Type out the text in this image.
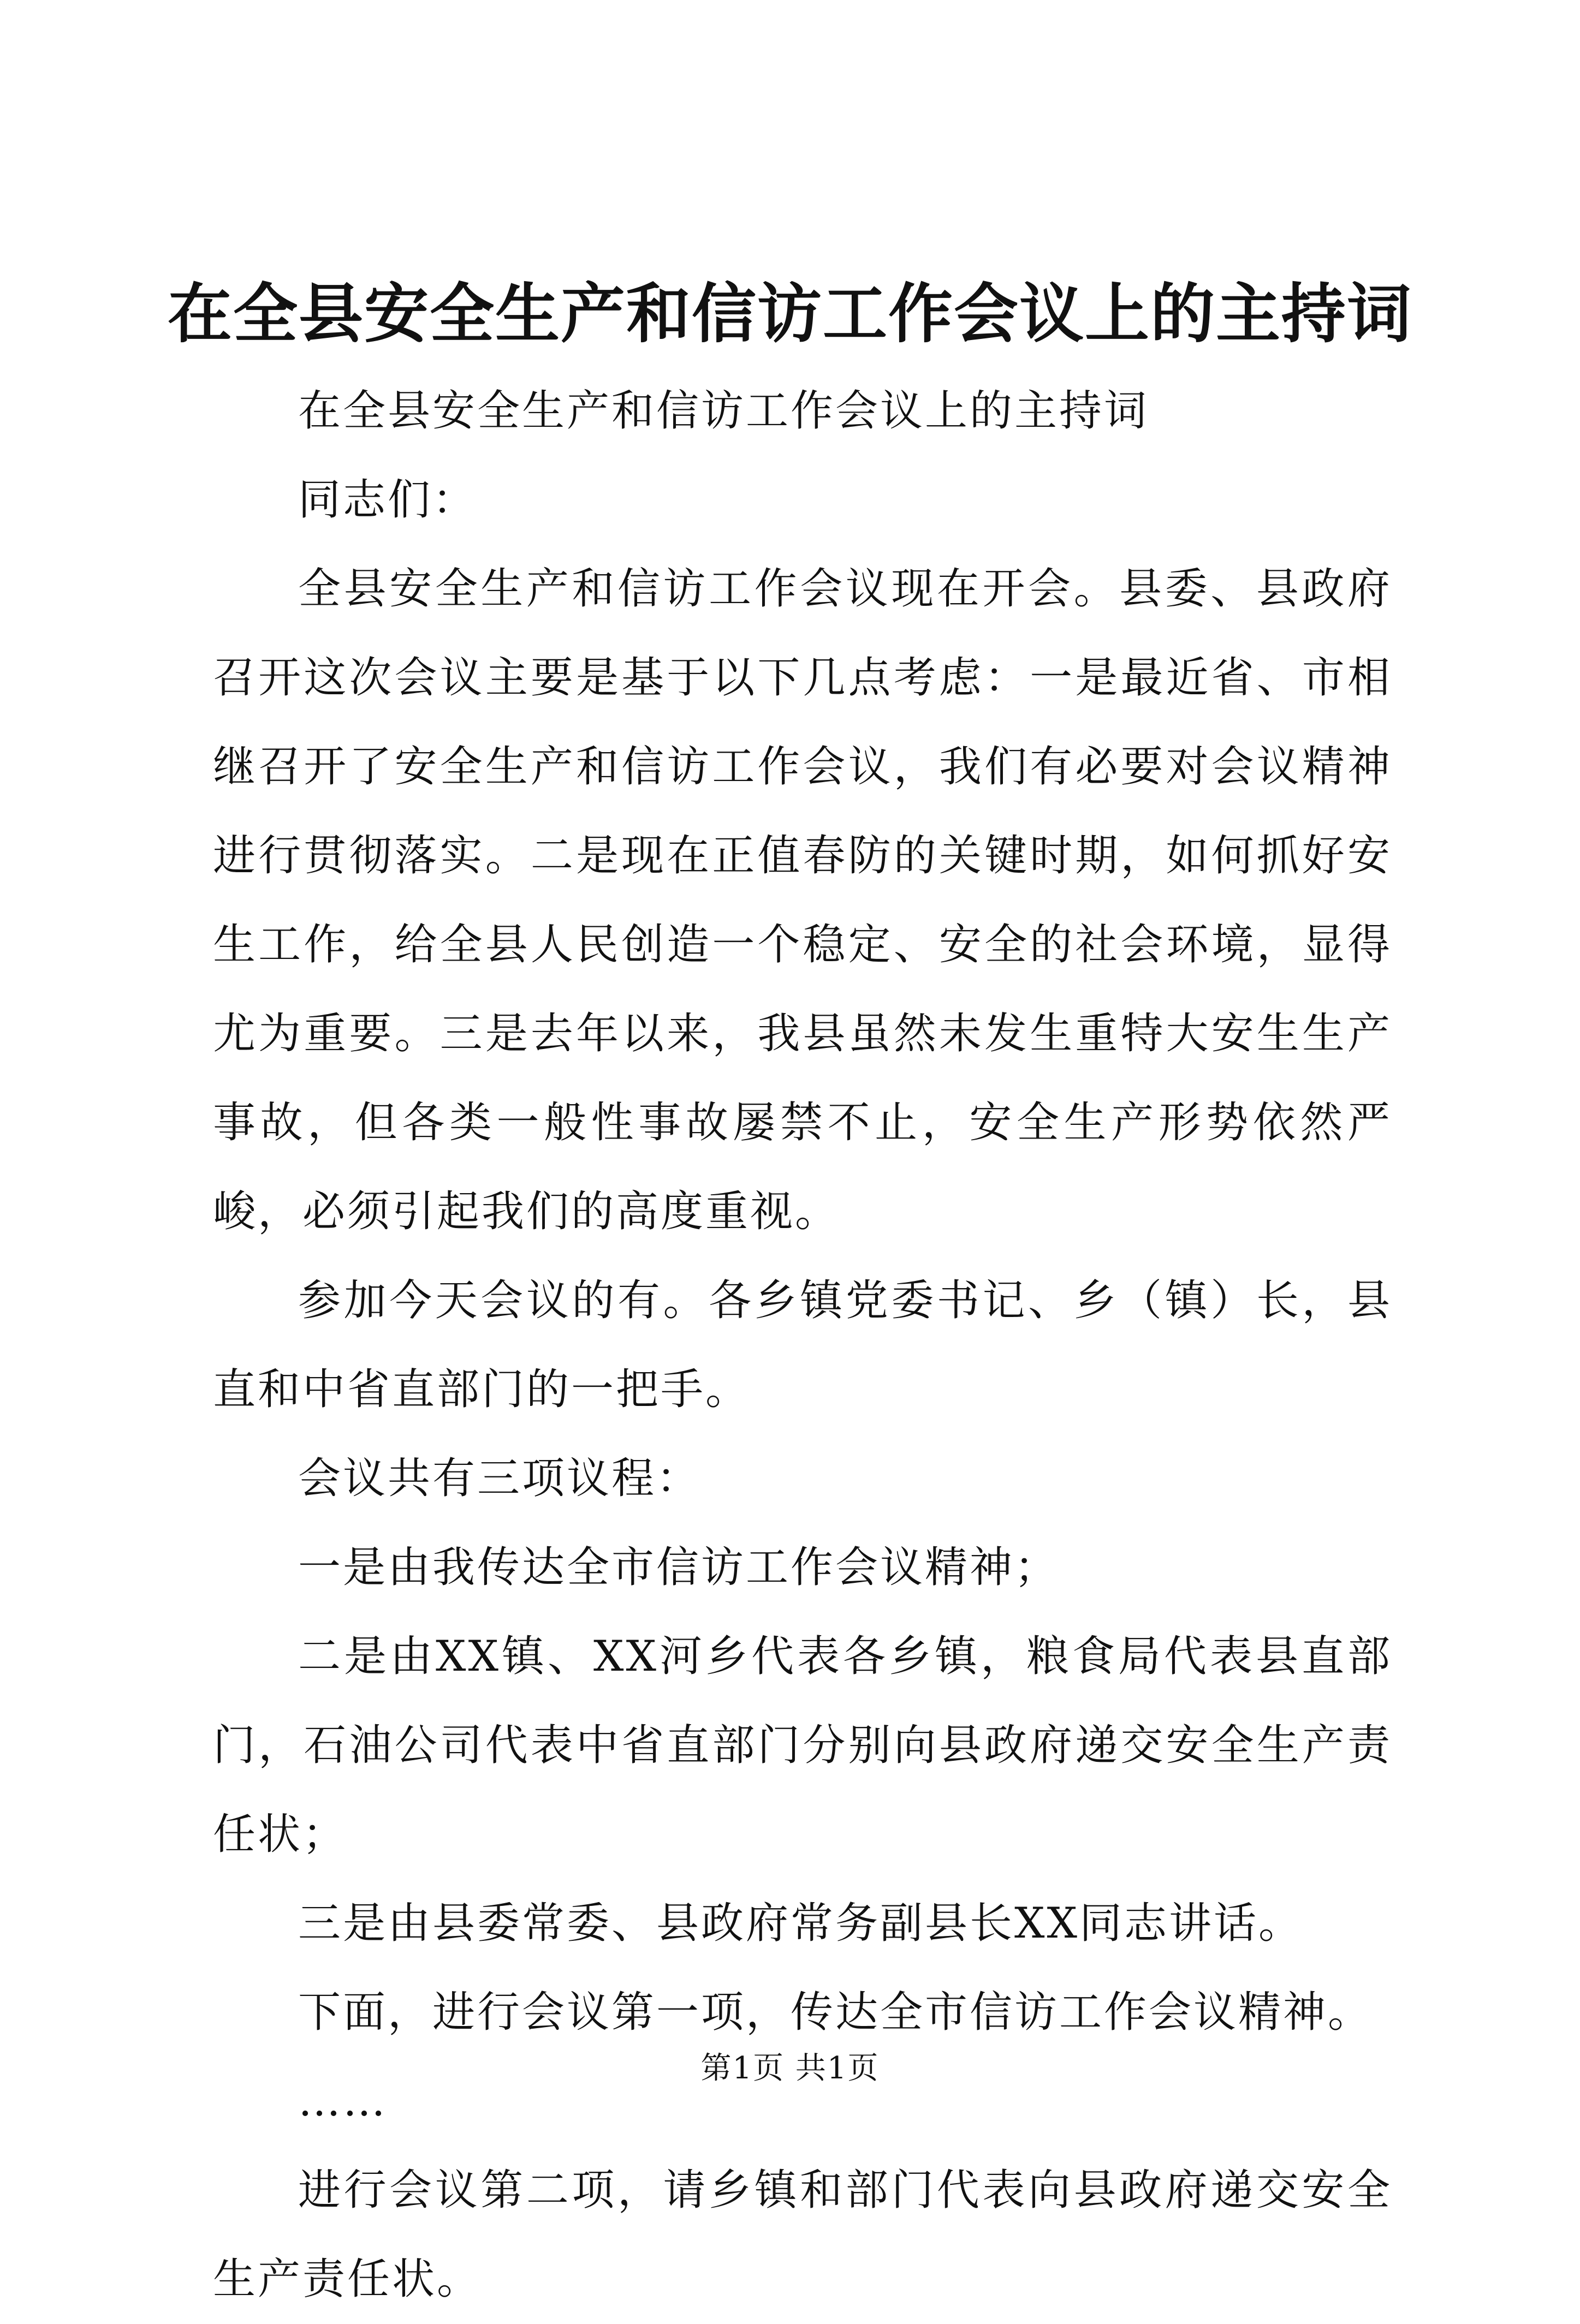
在全县安全生产和信访工作会议上的主持词

在全县安全生产和信访工作会议上的主持词

同志们：

全县安全生产和信访工作会议现在开会。县委、县政府召开这次会议主要是基于以下几点考虑：一是最近省、市相继召开了安全生产和信访工作会议，我们有必要对会议精神进行贯彻落实。二是现在正值春防的关键时期，如何抓好安生工作，给全县人民创造一个稳定、安全的社会环境，显得尤为重要。三是去年以来，我县虽然未发生重特大安生生产事故，但各类一般性事故屡禁不止，安全生产形势依然严峻，必须引起我们的高度重视。

参加今天会议的有。各乡镇党委书记、乡（镇）长，县直和中省直部门的一把手。

会议共有三项议程：

一是由我传达全市信访工作会议精神；

二是由XX镇、XX河乡代表各乡镇，粮食局代表县直部门，石油公司代表中省直部门分别向县政府递交安全生产责任状；

三是由县委常委、县政府常务副县长XX同志讲话。

下面，进行会议第一项，传达全市信访工作会议精神。

……

进行会议第二项，请乡镇和部门代表向县政府递交安全生产责任状。

第1页 共1页
